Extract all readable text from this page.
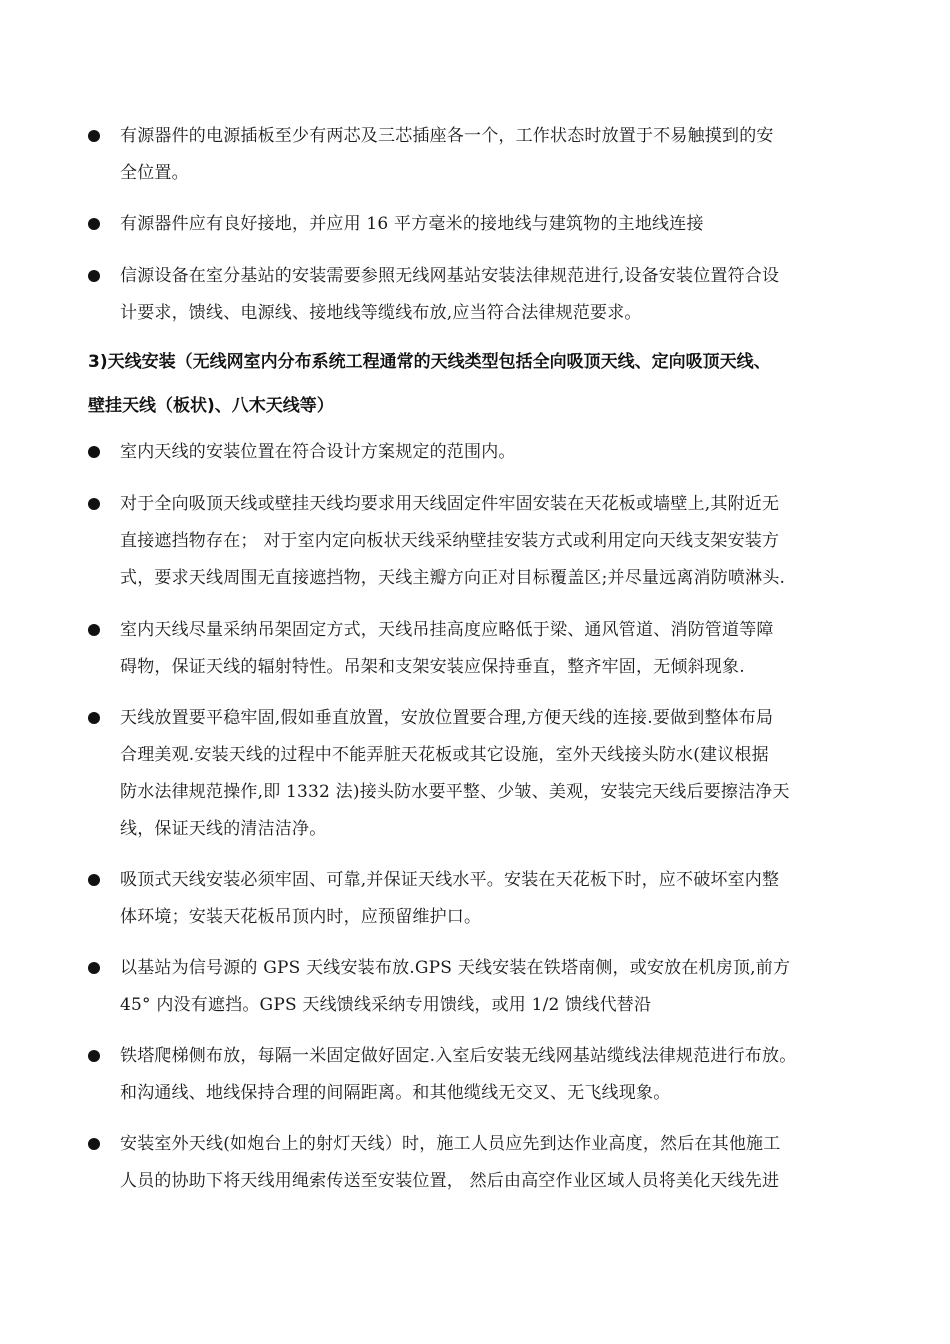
有源器件的电源插板至少有两芯及三芯插座各一个，工作状态时放置于不易触摸到的安
全位置。
有源器件应有良好接地，并应用 16 平方毫米的接地线与建筑物的主地线连接
信源设备在室分基站的安装需要参照无线网基站安装法律规范进行,设备安装位置符合设
计要求，馈线、电源线、接地线等缆线布放,应当符合法律规范要求。
3)天线安装（无线网室内分布系统工程通常的天线类型包括全向吸顶天线、定向吸顶天线、
壁挂天线（板状)、八木天线等）
室内天线的安装位置在符合设计方案规定的范围内。
对于全向吸顶天线或壁挂天线均要求用天线固定件牢固安装在天花板或墙壁上,其附近无
直接遮挡物存在； 对于室内定向板状天线采纳壁挂安装方式或利用定向天线支架安装方
式，要求天线周围无直接遮挡物，天线主瓣方向正对目标覆盖区;并尽量远离消防喷淋头.
室内天线尽量采纳吊架固定方式，天线吊挂高度应略低于梁、通风管道、消防管道等障
碍物，保证天线的辐射特性。吊架和支架安装应保持垂直，整齐牢固，无倾斜现象.
天线放置要平稳牢固,假如垂直放置，安放位置要合理,方便天线的连接.要做到整体布局
合理美观.安装天线的过程中不能弄脏天花板或其它设施，室外天线接头防水(建议根据
防水法律规范操作,即 1332 法)接头防水要平整、少皱、美观，安装完天线后要擦洁净天
线，保证天线的清洁洁净。
吸顶式天线安装必须牢固、可靠,并保证天线水平。安装在天花板下时，应不破坏室内整
体环境；安装天花板吊顶内时，应预留维护口。
以基站为信号源的 GPS 天线安装布放.GPS 天线安装在铁塔南侧，或安放在机房顶,前方
45° 内没有遮挡。GPS 天线馈线采纳专用馈线，或用 1/2 馈线代替沿
铁塔爬梯侧布放，每隔一米固定做好固定.入室后安装无线网基站缆线法律规范进行布放。
和沟通线、地线保持合理的间隔距离。和其他缆线无交叉、无飞线现象。
安装室外天线(如炮台上的射灯天线）时，施工人员应先到达作业高度，然后在其他施工
人员的协助下将天线用绳索传送至安装位置， 然后由高空作业区域人员将美化天线先进
